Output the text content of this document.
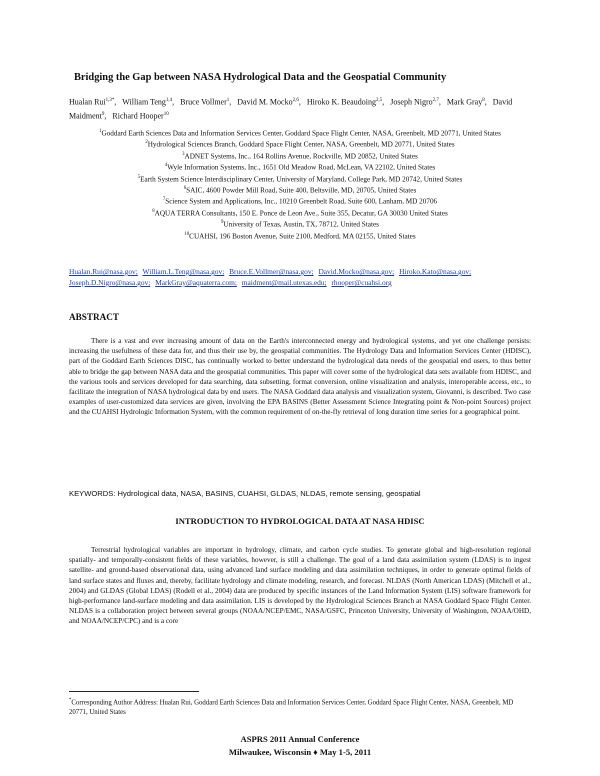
Bridging the Gap between NASA Hydrological Data and the Geospatial Community
Hualan Rui$^{1,3*}$,   William Teng$^{1,4}$,   Bruce Vollmer$^1$,   David M. Mocko$^{2,6}$,   Hiroko K. Beaudoing$^{2,5}$,   Joseph Nigro$^{2,7}$,   Mark Gray$^8$,   David Maidment$^9$,   Richard Hooper$^{10}$
$^1$Goddard Earth Sciences Data and Information Services Center, Goddard Space Flight Center, NASA, Greenbelt, MD 20771, United States
$^2$Hydrological Sciences Branch, Goddard Space Flight Center, NASA, Greenbelt, MD 20771, United States
$^3$ADNET Systems, Inc., 164 Rollins Avenue, Rockville, MD 20852, United States
$^4$Wyle Information Systems, Inc., 1651 Old Meadow Road, McLean, VA 22102, United States
$^5$Earth System Science Interdisciplinary Center, University of Maryland, College Park, MD 20742, United States
$^6$SAIC, 4600 Powder Mill Road, Suite 400, Beltsville, MD, 20705, United States
$^7$Science System and Applications, Inc., 10210 Greenbelt Road, Suite 600, Lanham, MD 20706
$^8$AQUA TERRA Consultants, 150 E. Ponce de Leon Ave., Suite 355, Decatur, GA 30030 United States
$^9$University of Texas, Austin, TX, 78712, United States
$^{10}$CUAHSI, 196 Boston Avenue, Suite 2100, Medford, MA 02155, United States
Hualan.Rui@nasa.gov; William.L.Teng@nasa.gov; Bruce.E.Vollmer@nasa.gov; David.Mocko@nasa.gov; Hiroko.Kato@nasa.gov; Joseph.D.Nigro@nasa.gov; MarkGray@aquaterra.com; maidment@mail.utexas.edu; rhooper@cuahsi.org
ABSTRACT
There is a vast and ever increasing amount of data on the Earth's interconnected energy and hydrological systems, and yet one challenge persists: increasing the usefulness of these data for, and thus their use by, the geospatial communities. The Hydrology Data and Information Services Center (HDISC), part of the Goddard Earth Sciences DISC, has continually worked to better understand the hydrological data needs of the geospatial end users, to thus better able to bridge the gap between NASA data and the geospatial communities. This paper will cover some of the hydrological data sets available from HDISC, and the various tools and services developed for data searching, data subsetting, format conversion, online visualization and analysis, interoperable access, etc., to facilitate the integration of NASA hydrological data by end users. The NASA Goddard data analysis and visualization system, Giovanni, is described. Two case examples of user-customized data services are given, involving the EPA BASINS (Better Assessment Science Integrating point & Non-point Sources) project and the CUAHSI Hydrologic Information System, with the common requirement of on-the-fly retrieval of long duration time series for a geographical point.
KEYWORDS: Hydrological data, NASA, BASINS, CUAHSI, GLDAS, NLDAS, remote sensing, geospatial
INTRODUCTION TO HYDROLOGICAL DATA AT NASA HDISC
Terrestrial hydrological variables are important in hydrology, climate, and carbon cycle studies. To generate global and high-resolution regional spatially- and temporally-consistent fields of these variables, however, is still a challenge. The goal of a land data assimilation system (LDAS) is to ingest satellite- and ground-based observational data, using advanced land surface modeling and data assimilation techniques, in order to generate optimal fields of land surface states and fluxes and, thereby, facilitate hydrology and climate modeling, research, and forecast. NLDAS (North American LDAS) (Mitchell et al., 2004) and GLDAS (Global LDAS) (Rodell et al., 2004) data are produced by specific instances of the Land Information System (LIS) software framework for high-performance land-surface modeling and data assimilation. LIS is developed by the Hydrological Sciences Branch at NASA Goddard Space Flight Center. NLDAS is a collaboration project between several groups (NOAA/NCEP/EMC, NASA/GSFC, Princeton University, University of Washington, NOAA/OHD, and NOAA/NCEP/CPC) and is a core
*Corresponding Author Address: Hualan Rui, Goddard Earth Sciences Data and Information Services Center, Goddard Space Flight Center, NASA, Greenbelt, MD 20771, United States
ASPRS 2011 Annual Conference
Milwaukee, Wisconsin ♦ May 1-5, 2011
